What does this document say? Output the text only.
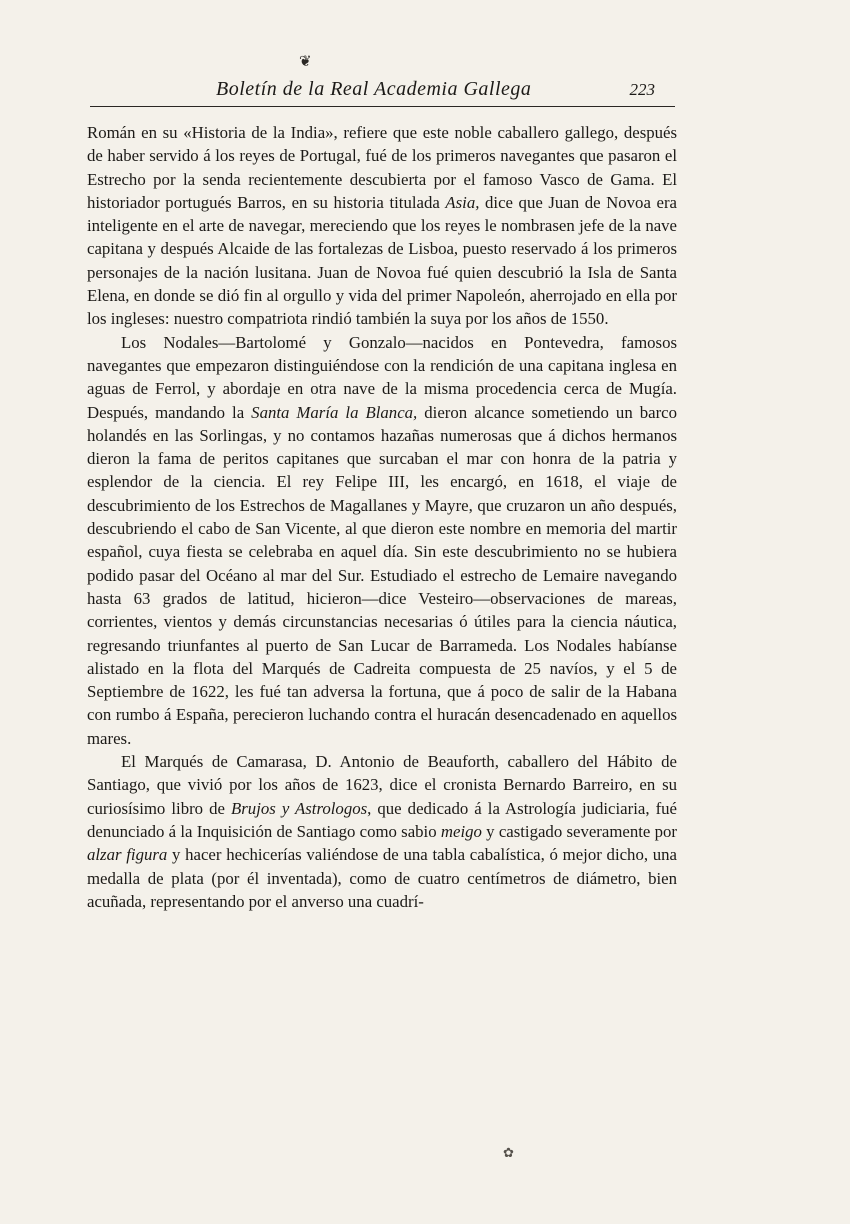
❦
Boletín de la Real Academia Gallega	223

Román en su «Historia de la India», refiere que este noble caballero gallego, después de haber servido á los reyes de Portugal, fué de los primeros navegantes que pasaron el Estrecho por la senda recientemente descubierta por el famoso Vasco de Gama. El historiador portugués Barros, en su historia titulada Asia, dice que Juan de Novoa era inteligente en el arte de navegar, mereciendo que los reyes le nombrasen jefe de la nave capitana y después Alcaide de las fortalezas de Lisboa, puesto reservado á los primeros personajes de la nación lusitana. Juan de Novoa fué quien descubrió la Isla de Santa Elena, en donde se dió fin al orgullo y vida del primer Napoleón, aherrojado en ella por los ingleses: nuestro compatriota rindió también la suya por los años de 1550.

Los Nodales—Bartolomé y Gonzalo—nacidos en Pontevedra, famosos navegantes que empezaron distinguiéndose con la rendición de una capitana inglesa en aguas de Ferrol, y abordaje en otra nave de la misma procedencia cerca de Mugía. Después, mandando la Santa María la Blanca, dieron alcance sometiendo un barco holandés en las Sorlingas, y no contamos hazañas numerosas que á dichos hermanos dieron la fama de peritos capitanes que surcaban el mar con honra de la patria y esplendor de la ciencia. El rey Felipe III, les encargó, en 1618, el viaje de descubrimiento de los Estrechos de Magallanes y Mayre, que cruzaron un año después, descubriendo el cabo de San Vicente, al que dieron este nombre en memoria del martir español, cuya fiesta se celebraba en aquel día. Sin este descubrimiento no se hubiera podido pasar del Océano al mar del Sur. Estudiado el estrecho de Lemaire navegando hasta 63 grados de latitud, hicieron—dice Vesteiro—observaciones de mareas, corrientes, vientos y demás circunstancias necesarias ó útiles para la ciencia náutica, regresando triunfantes al puerto de San Lucar de Barrameda. Los Nodales habíanse alistado en la flota del Marqués de Cadreita compuesta de 25 navíos, y el 5 de Septiembre de 1622, les fué tan adversa la fortuna, que á poco de salir de la Habana con rumbo á España, perecieron luchando contra el huracán desencadenado en aquellos mares.

El Marqués de Camarasa, D. Antonio de Beauforth, caballero del Hábito de Santiago, que vivió por los años de 1623, dice el cronista Bernardo Barreiro, en su curiosísimo libro de Brujos y Astrologos, que dedicado á la Astrología judiciaria, fué denunciado á la Inquisición de Santiago como sabio meigo y castigado severamente por alzar figura y hacer hechicerías valiéndose de una tabla cabalística, ó mejor dicho, una medalla de plata (por él inventada), como de cuatro centímetros de diámetro, bien acuñada, representando por el anverso una cuadrí-

✿
